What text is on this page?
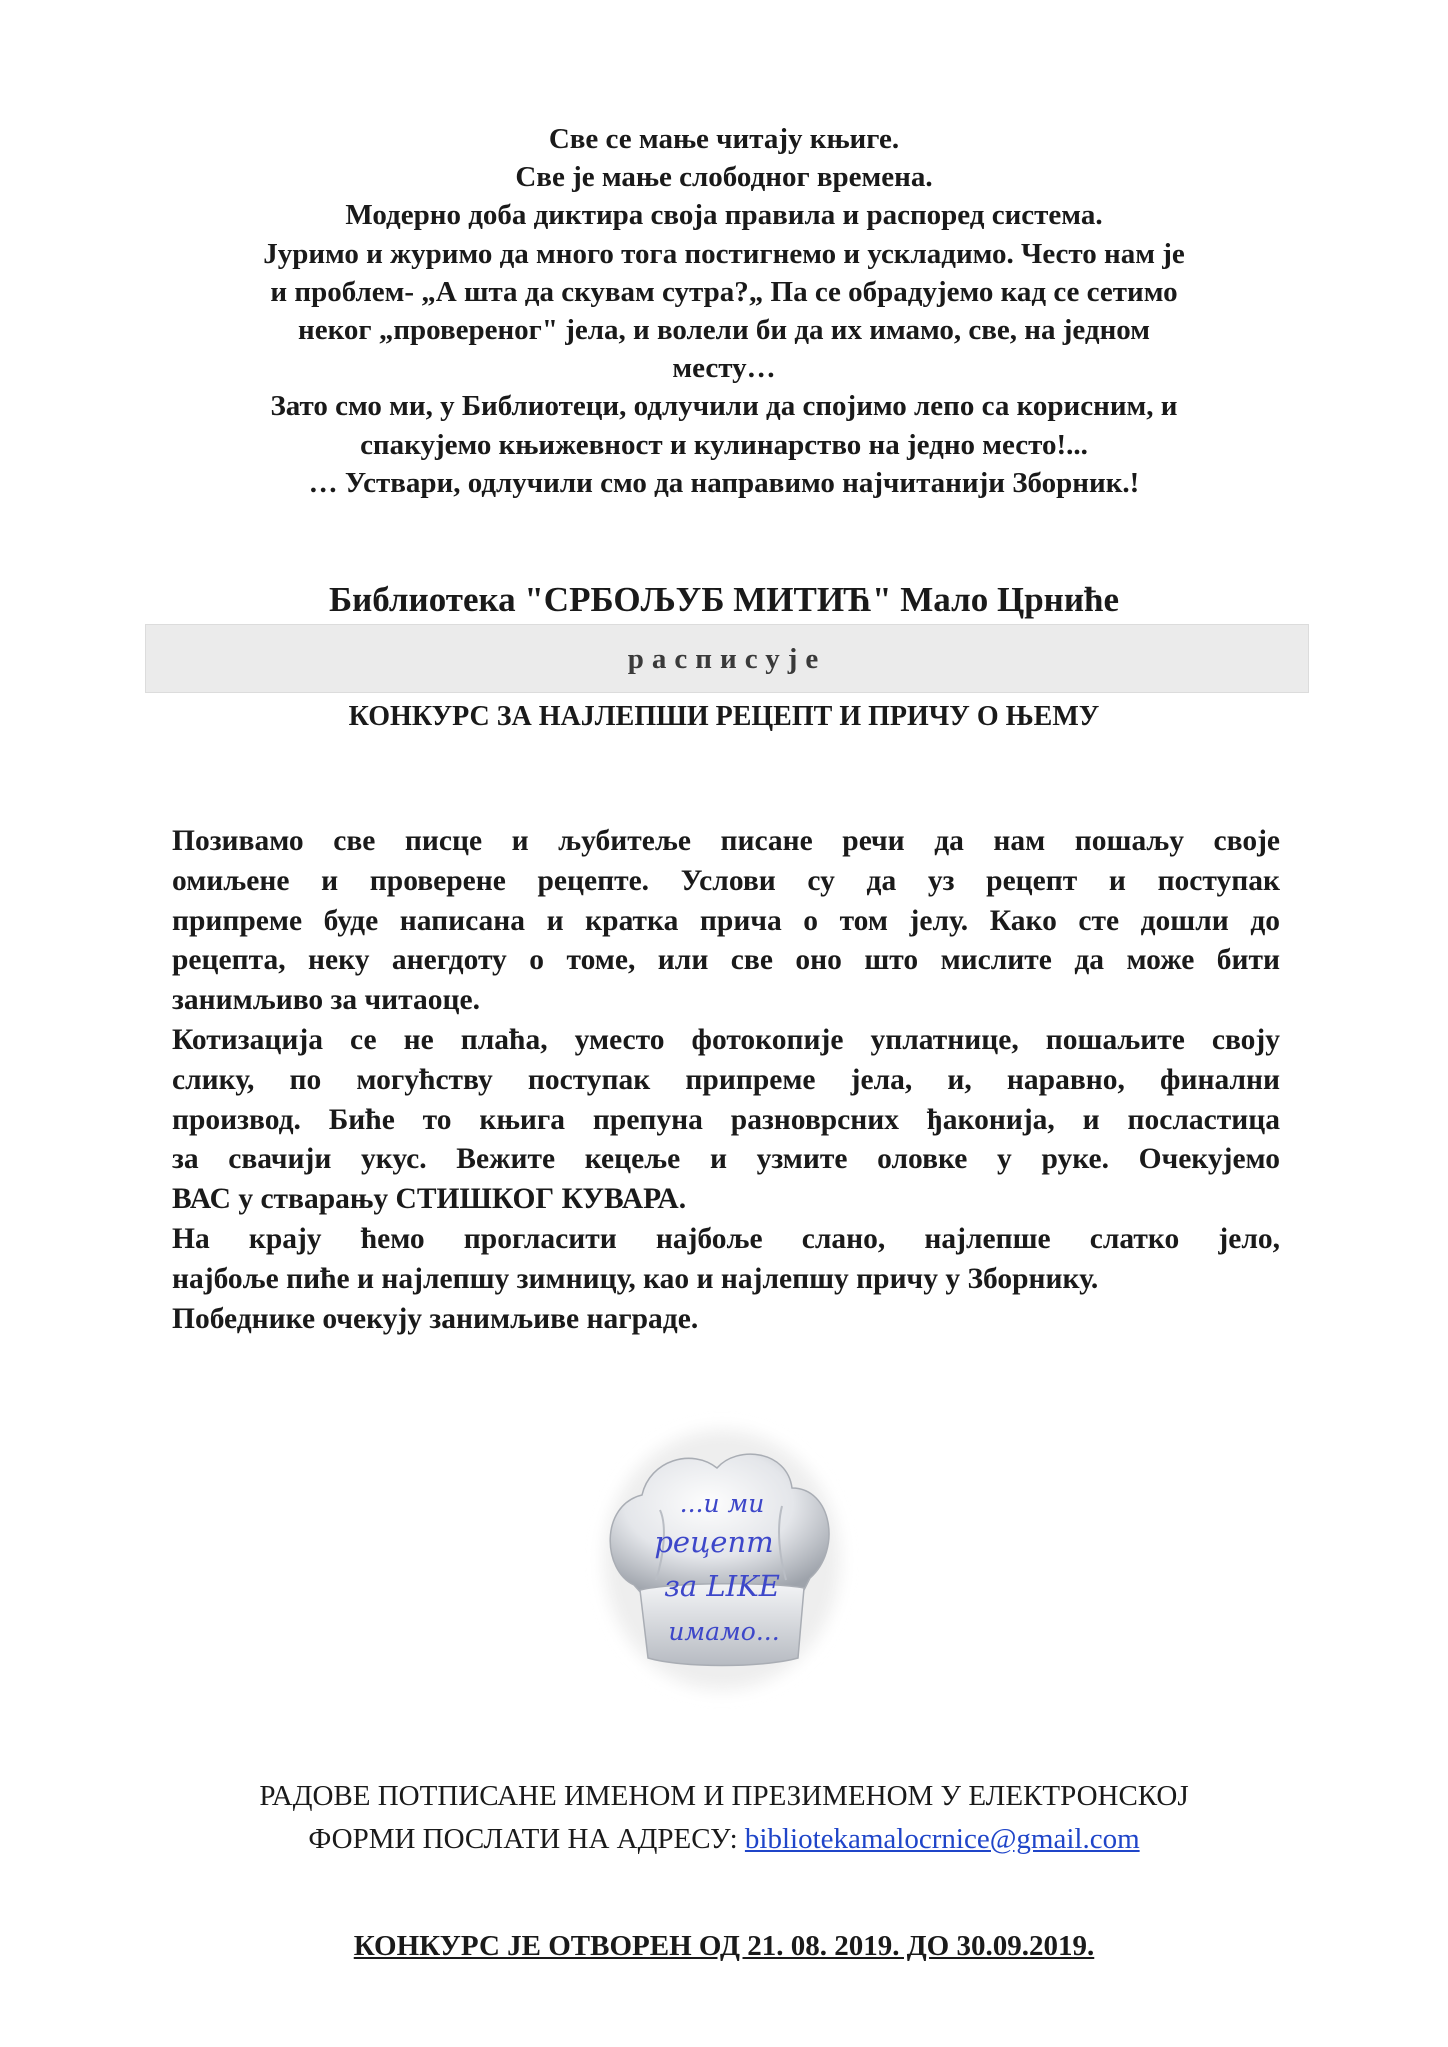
Све се мање читају књиге.
Све је мање слободног времена.
Модерно доба диктира своја правила и распоред система.
Јуримо и журимо да много тога постигнемо и ускладимо. Често нам је
и проблем- „А шта да скувам сутра?„ Па се обрадујемо кад се сетимо
неког „провереног" јела, и волели би да их имамо, све, на једном
месту…
Зато смо ми, у Библиотеци, одлучили да спојимо лепо са корисним, и
спакујемо књижевност и кулинарство на једно место!...
… Уствари, одлучили смо да направимо најчитанији Зборник.!
Библиотека "СРБОЉУБ МИТИЋ" Мало Црниће
расписује
КОНКУРС ЗА НАЈЛЕПШИ РЕЦЕПТ И ПРИЧУ О ЊЕМУ
Позивамо све писце и љубитеље писане речи да нам пошаљу своје
омиљене и проверене рецепте. Услови су да уз рецепт и поступак
припреме буде написана и кратка прича о том јелу. Како сте дошли до
рецепта, неку анегдоту о томе, или све оно што мислите да може бити
занимљиво за читаоце.
Котизација се не плаћа, уместо фотокопије уплатнице, пошаљите своју
слику, по могућству поступак припреме јела, и, наравно, финални
производ. Биће то књига препуна разноврсних ђаконија, и посластица
за свачији укус. Вежите кецеље и узмите оловке у руке. Очекујемо
ВАС у стварању СТИШКОГ КУВАРА.
На крају ћемо прогласити најбоље слано, најлепше слатко јело,
најбоље пиће и најлепшу зимницу, као и најлепшу причу у Зборнику.
Победнике очекују занимљиве награде.
...и ми
рецепт
за LIKE
имамо...
РАДОВЕ ПОТПИСАНЕ ИМЕНОМ И ПРЕЗИМЕНОМ У ЕЛЕКТРОНСКОЈ
ФОРМИ ПОСЛАТИ НА АДРЕСУ: bibliotekamalocrnice@gmail.com
КОНКУРС ЈЕ ОТВОРЕН ОД 21. 08. 2019. ДО 30.09.2019.
